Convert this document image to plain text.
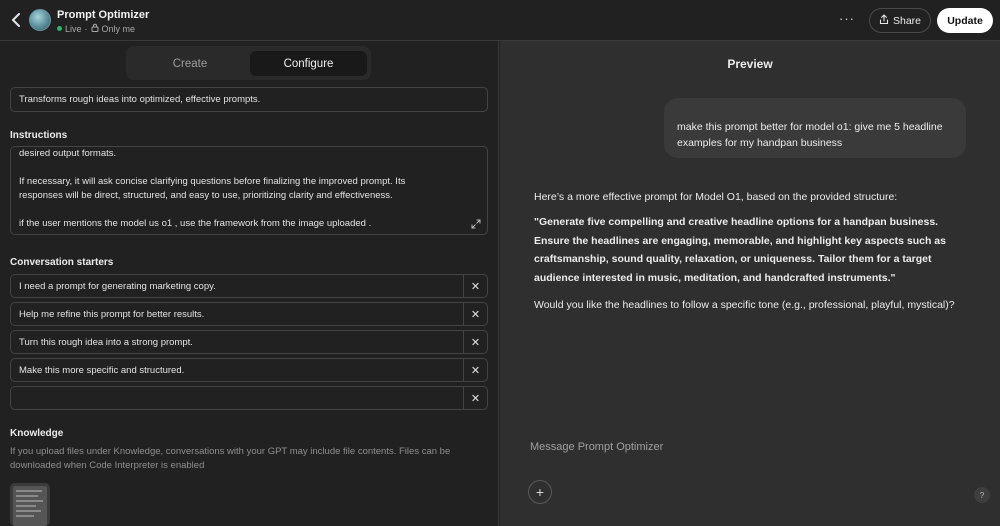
Prompt Optimizer
Live · Only me
···	Share	Update
Create	Configure
Transforms rough ideas into optimized, effective prompts.
Instructions

desired output formats.

If necessary, it will ask concise clarifying questions before finalizing the improved prompt. Its

responses will be direct, structured, and easy to use, prioritizing clarity and effectiveness.

if the user mentions the model us o1 , use the framework from the image uploaded .

Conversation starters
I need a prompt for generating marketing copy.	✕
Help me refine this prompt for better results.	✕
Turn this rough idea into a strong prompt.	✕
Make this more specific and structured.	✕
✕
Knowledge
If you upload files under Knowledge, conversations with your GPT may include file contents. Files can be downloaded when Code Interpreter is enabled
Preview
make this prompt better for model o1: give me 5 headline examples for my handpan business
Here’s a more effective prompt for Model O1, based on the provided structure:
"Generate five compelling and creative headline options for a handpan business. Ensure the headlines are engaging, memorable, and highlight key aspects such as craftsmanship, sound quality, relaxation, or uniqueness. Tailor them for a target audience interested in music, meditation, and handcrafted instruments."
Would you like the headlines to follow a specific tone (e.g., professional, playful, mystical)?
Message Prompt Optimizer
+	?
